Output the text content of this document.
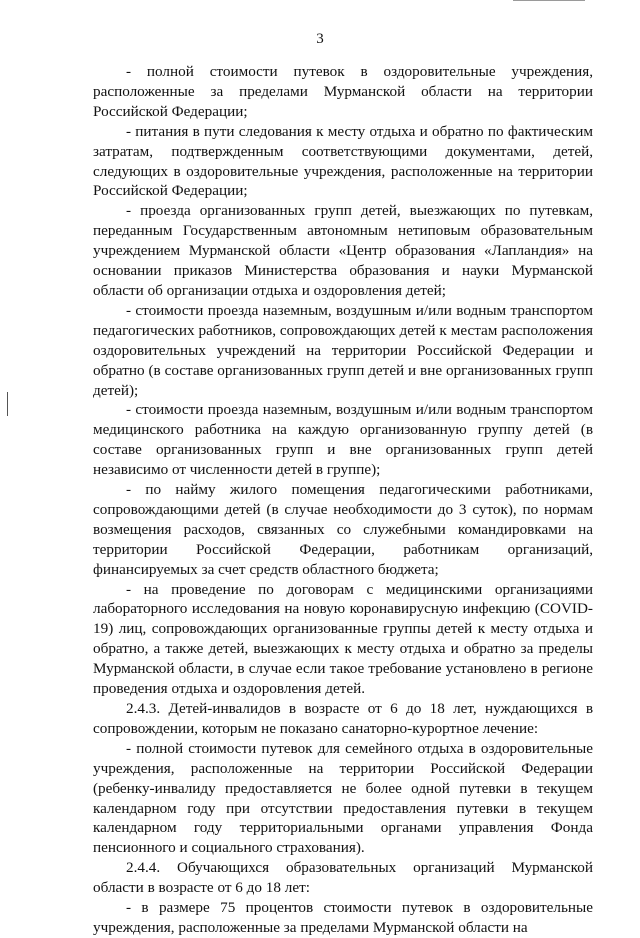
3

- полной стоимости путевок в оздоровительные учреждения, расположенные за пределами Мурманской области на территории Российской Федерации;

- питания в пути следования к месту отдыха и обратно по фактическим затратам, подтвержденным соответствующими документами, детей, следующих в оздоровительные учреждения, расположенные на территории Российской Федерации;

- проезда организованных групп детей, выезжающих по путевкам, переданным Государственным автономным нетиповым образовательным учреждением Мурманской области «Центр образования «Лапландия» на основании приказов Министерства образования и науки Мурманской области об организации отдыха и оздоровления детей;

- стоимости проезда наземным, воздушным и/или водным транспортом педагогических работников, сопровождающих детей к местам расположения оздоровительных учреждений на территории Российской Федерации и обратно (в составе организованных групп детей и вне организованных групп детей);

- стоимости проезда наземным, воздушным и/или водным транспортом медицинского работника на каждую организованную группу детей (в составе организованных групп и вне организованных групп детей независимо от численности детей в группе);

- по найму жилого помещения педагогическими работниками, сопровождающими детей (в случае необходимости до 3 суток), по нормам возмещения расходов, связанных со служебными командировками на территории Российской Федерации, работникам организаций, финансируемых за счет средств областного бюджета;

- на проведение по договорам с медицинскими организациями лабораторного исследования на новую коронавирусную инфекцию (COVID-19) лиц, сопровождающих организованные группы детей к месту отдыха и обратно, а также детей, выезжающих к месту отдыха и обратно за пределы Мурманской области, в случае если такое требование установлено в регионе проведения отдыха и оздоровления детей.

2.4.3. Детей-инвалидов в возрасте от 6 до 18 лет, нуждающихся в сопровождении, которым не показано санаторно-курортное лечение:

- полной стоимости путевок для семейного отдыха в оздоровительные учреждения, расположенные на территории Российской Федерации (ребенку-инвалиду предоставляется не более одной путевки в текущем календарном году при отсутствии предоставления путевки в текущем календарном году территориальными органами управления Фонда пенсионного и социального страхования).

2.4.4. Обучающихся образовательных организаций Мурманской области в возрасте от 6 до 18 лет:

- в размере 75 процентов стоимости путевок в оздоровительные учреждения, расположенные за пределами Мурманской области на
